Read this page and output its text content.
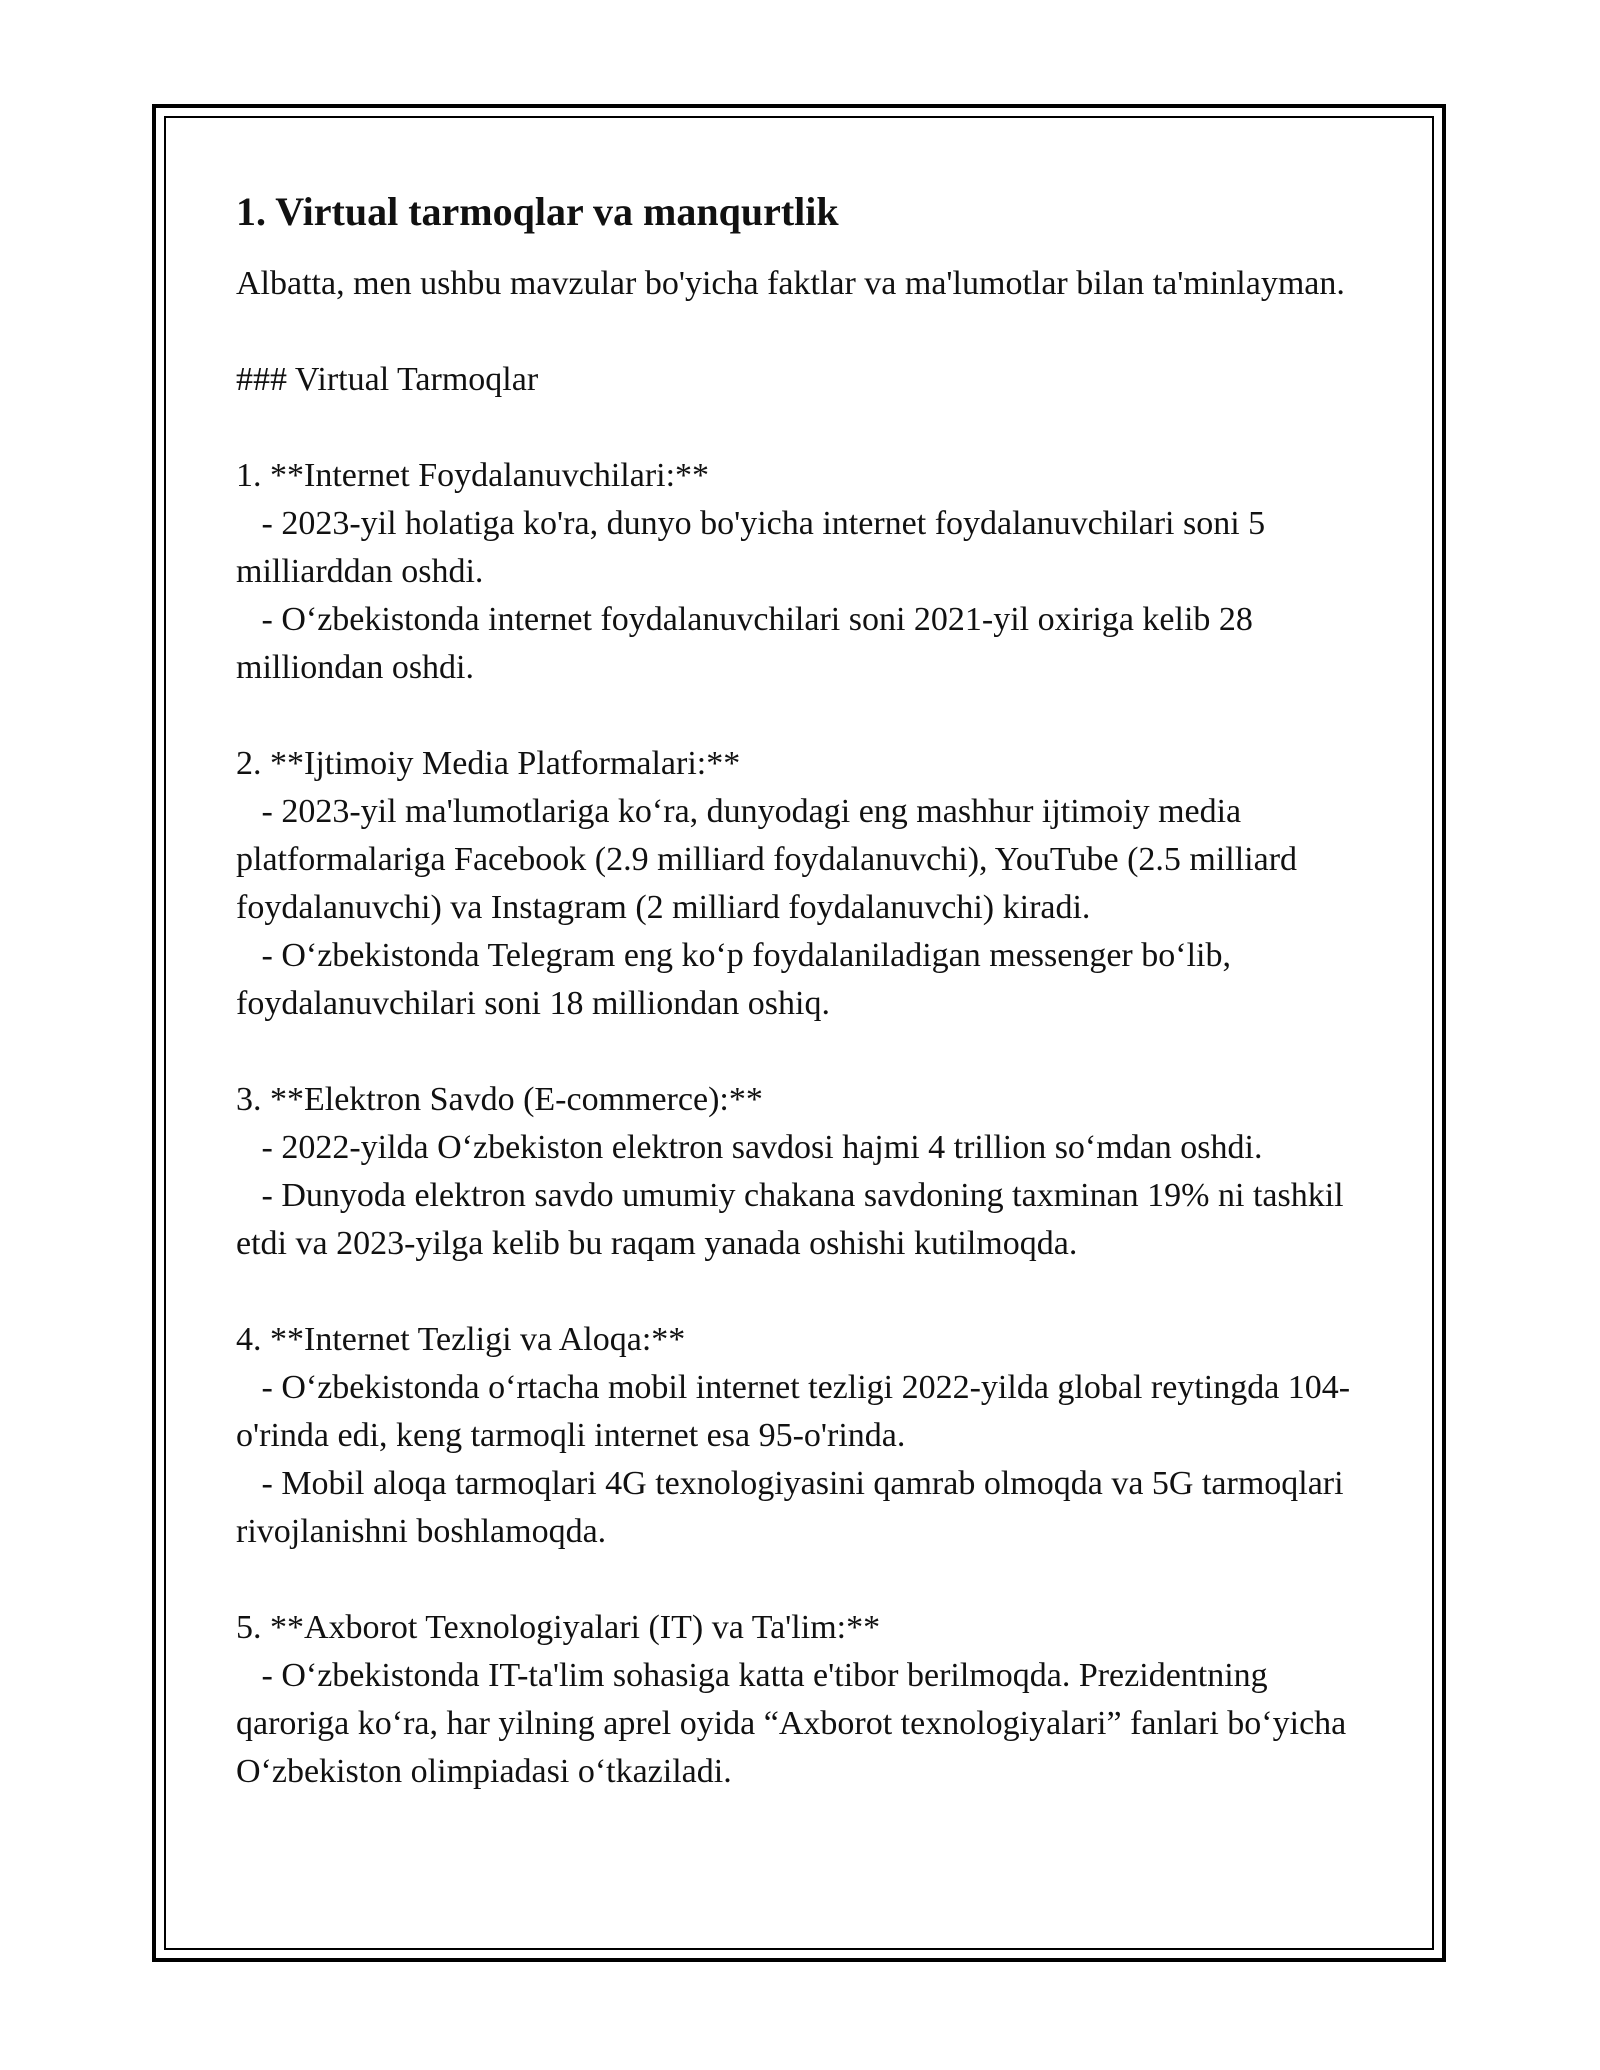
1. Virtual tarmoqlar va manqurtlik

Albatta, men ushbu mavzular bo'yicha faktlar va ma'lumotlar bilan ta'minlayman.

### Virtual Tarmoqlar

1. **Internet Foydalanuvchilari:**
- 2023-yil holatiga ko'ra, dunyo bo'yicha internet foydalanuvchilari soni 5 milliarddan oshdi.
- O‘zbekistonda internet foydalanuvchilari soni 2021-yil oxiriga kelib 28 milliondan oshdi.
2. **Ijtimoiy Media Platformalari:**
- 2023-yil ma'lumotlariga ko‘ra, dunyodagi eng mashhur ijtimoiy media platformalariga Facebook (2.9 milliard foydalanuvchi), YouTube (2.5 milliard foydalanuvchi) va Instagram (2 milliard foydalanuvchi) kiradi.
- O‘zbekistonda Telegram eng ko‘p foydalaniladigan messenger bo‘lib, foydalanuvchilari soni 18 milliondan oshiq.
3. **Elektron Savdo (E-commerce):**
- 2022-yilda O‘zbekiston elektron savdosi hajmi 4 trillion so‘mdan oshdi.
- Dunyoda elektron savdo umumiy chakana savdoning taxminan 19% ni tashkil etdi va 2023-yilga kelib bu raqam yanada oshishi kutilmoqda.
4. **Internet Tezligi va Aloqa:**
- O‘zbekistonda o‘rtacha mobil internet tezligi 2022-yilda global reytingda 104-o'rinda edi, keng tarmoqli internet esa 95-o'rinda.
- Mobil aloqa tarmoqlari 4G texnologiyasini qamrab olmoqda va 5G tarmoqlari rivojlanishni boshlamoqda.
5. **Axborot Texnologiyalari (IT) va Ta'lim:**
- O‘zbekistonda IT-ta'lim sohasiga katta e'tibor berilmoqda. Prezidentning qaroriga ko‘ra, har yilning aprel oyida “Axborot texnologiyalari” fanlari bo‘yicha O‘zbekiston olimpiadasi o‘tkaziladi.
